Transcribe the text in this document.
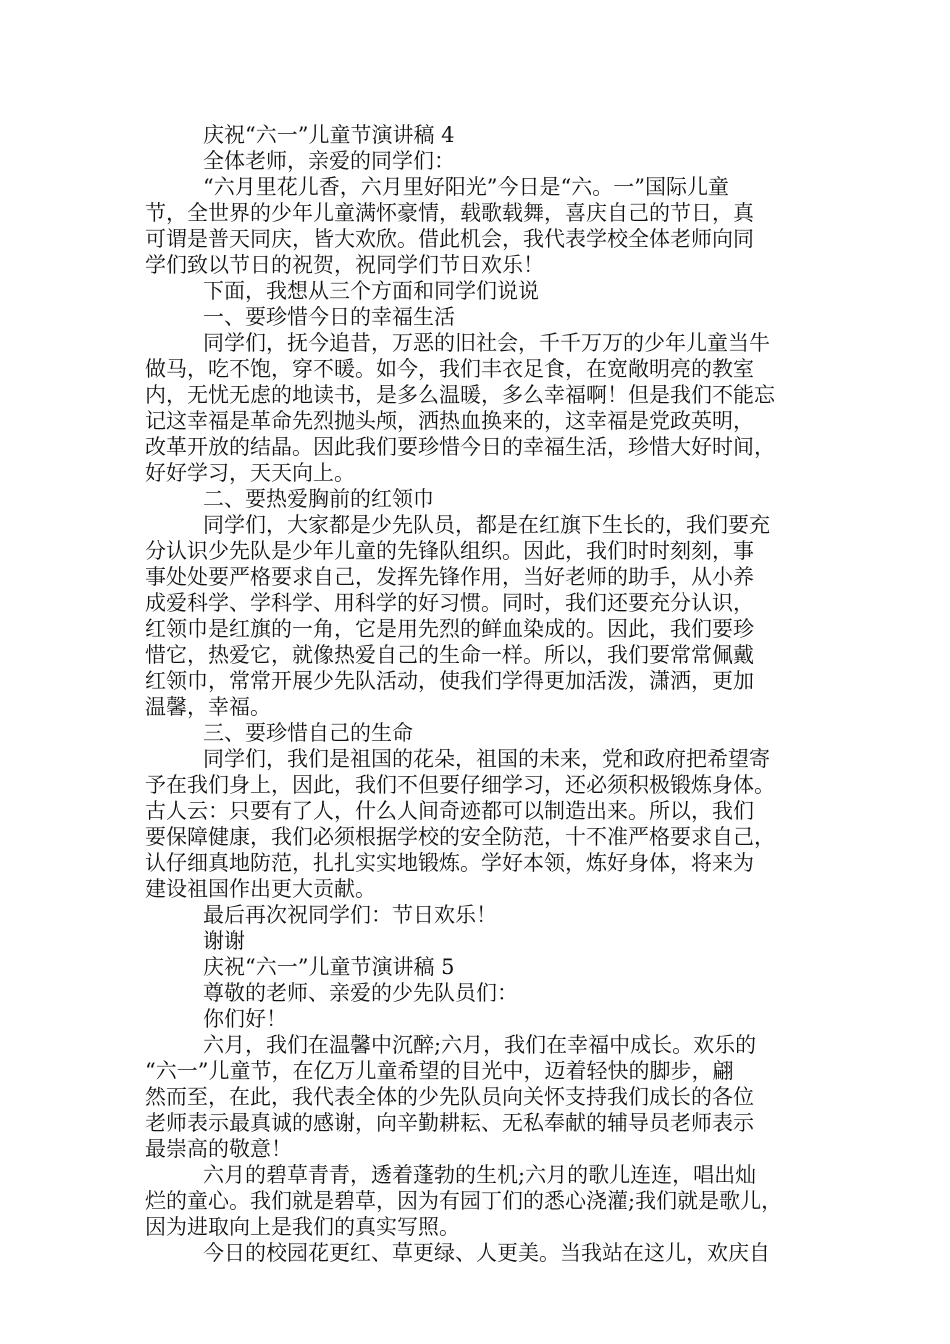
庆祝“六一”儿童节演讲稿 4
全体老师，亲爱的同学们：
“六月里花儿香，六月里好阳光”今日是“六。一”国际儿童
节，全世界的少年儿童满怀豪情，载歌载舞，喜庆自己的节日，真
可谓是普天同庆，皆大欢欣。借此机会，我代表学校全体老师向同
学们致以节日的祝贺，祝同学们节日欢乐！
下面，我想从三个方面和同学们说说
一、要珍惜今日的幸福生活
同学们，抚今追昔，万恶的旧社会，千千万万的少年儿童当牛
做马，吃不饱，穿不暖。如今，我们丰衣足食，在宽敞明亮的教室
内，无忧无虑的地读书，是多么温暖，多么幸福啊！但是我们不能忘
记这幸福是革命先烈抛头颅，洒热血换来的，这幸福是党政英明，
改革开放的结晶。因此我们要珍惜今日的幸福生活，珍惜大好时间，
好好学习，天天向上。
二、要热爱胸前的红领巾
同学们，大家都是少先队员，都是在红旗下生长的，我们要充
分认识少先队是少年儿童的先锋队组织。因此，我们时时刻刻，事
事处处要严格要求自己，发挥先锋作用，当好老师的助手，从小养
成爱科学、学科学、用科学的好习惯。同时，我们还要充分认识，
红领巾是红旗的一角，它是用先烈的鲜血染成的。因此，我们要珍
惜它，热爱它，就像热爱自己的生命一样。所以，我们要常常佩戴
红领巾，常常开展少先队活动，使我们学得更加活泼，潇洒，更加
温馨，幸福。
三、要珍惜自己的生命
同学们，我们是祖国的花朵，祖国的未来，党和政府把希望寄
予在我们身上，因此，我们不但要仔细学习，还必须积极锻炼身体。
古人云：只要有了人，什么人间奇迹都可以制造出来。所以，我们
要保障健康，我们必须根据学校的安全防范，十不准严格要求自己，
认仔细真地防范，扎扎实实地锻炼。学好本领，炼好身体，将来为
建设祖国作出更大贡献。
最后再次祝同学们：节日欢乐！
谢谢
庆祝“六一”儿童节演讲稿 5
尊敬的老师、亲爱的少先队员们：
你们好！
六月，我们在温馨中沉醉;六月，我们在幸福中成长。欢乐的
“六一”儿童节，在亿万儿童希望的目光中，迈着轻快的脚步，翩
然而至，在此，我代表全体的少先队员向关怀支持我们成长的各位
老师表示最真诚的感谢，向辛勤耕耘、无私奉献的辅导员老师表示
最崇高的敬意！
六月的碧草青青，透着蓬勃的生机;六月的歌儿连连，唱出灿
烂的童心。我们就是碧草，因为有园丁们的悉心浇灌;我们就是歌儿，
因为进取向上是我们的真实写照。
今日的校园花更红、草更绿、人更美。当我站在这儿，欢庆自
